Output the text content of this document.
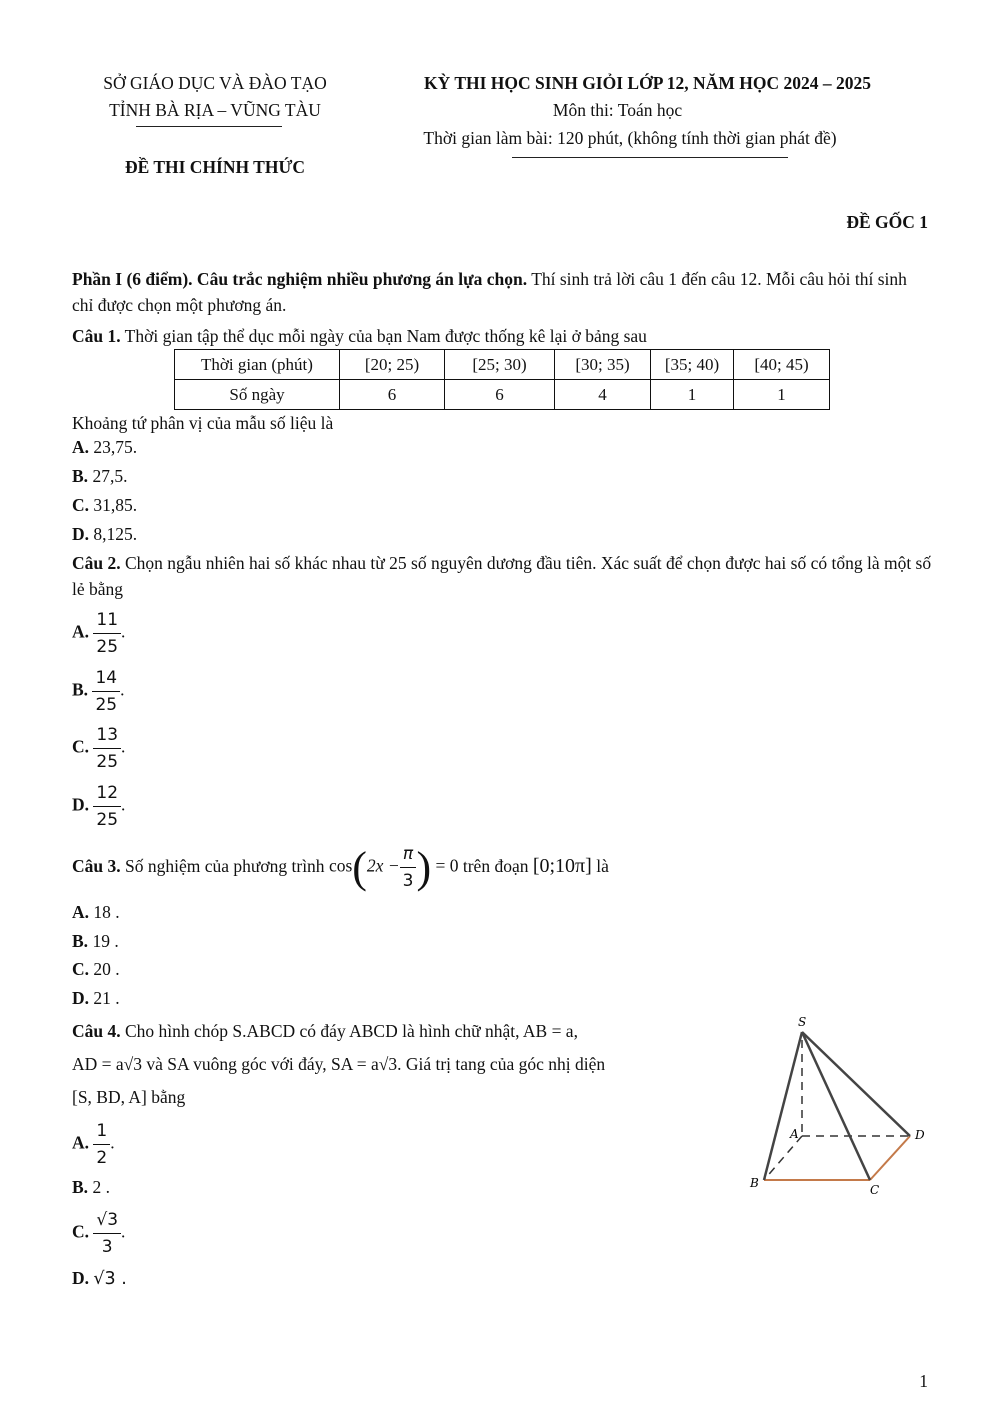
SỞ GIÁO DỤC VÀ ĐÀO TẠO
TỈNH BÀ RỊA – VŨNG TÀU
ĐỀ THI CHÍNH THỨC
KỲ THI HỌC SINH GIỎI LỚP 12, NĂM HỌC 2024 – 2025
Môn thi: Toán học
Thời gian làm bài: 120 phút, (không tính thời gian phát đề)
ĐỀ GỐC 1
Phần I (6 điểm). Câu trắc nghiệm nhiều phương án lựa chọn. Thí sinh trả lời câu 1 đến câu 12. Mỗi câu hỏi thí sinh chỉ được chọn một phương án.
Câu 1. Thời gian tập thể dục mỗi ngày của bạn Nam được thống kê lại ở bảng sau
Thời gian (phút)	[20; 25)	[25; 30)	[30; 35)	[35; 40)	[40; 45)
Số ngày	6	6	4	1	1
Khoảng tứ phân vị của mẫu số liệu là
A. 23,75.
B. 27,5.
C. 31,85.
D. 8,125.
Câu 2. Chọn ngẫu nhiên hai số khác nhau từ 25 số nguyên dương đầu tiên. Xác suất để chọn được hai số có tổng là một số lẻ bằng
A. $\frac{11}{25}$ .
B. $\frac{14}{25}$ .
C. $\frac{13}{25}$ .
D. $\frac{12}{25}$ .
Câu 3. Số nghiệm của phương trình $\cos(2x - \frac{\pi}{3}$ ) = 0 trên đoạn [0;10π] là
A. 18 .
B. 19 .
C. 20 .
D. 21 .
Câu 4. Cho hình chóp S.ABCD có đáy ABCD là hình chữ nhật, AB = a,
AD = a√3 và SA vuông góc với đáy, SA = a√3. Giá trị tang của góc nhị diện
[S, BD, A] bằng
A. $\frac{1}{2}$ .
B. 2 .
C. $\frac{√3}{3}$ .
D. √3 .
S
A	D
B	C
1
